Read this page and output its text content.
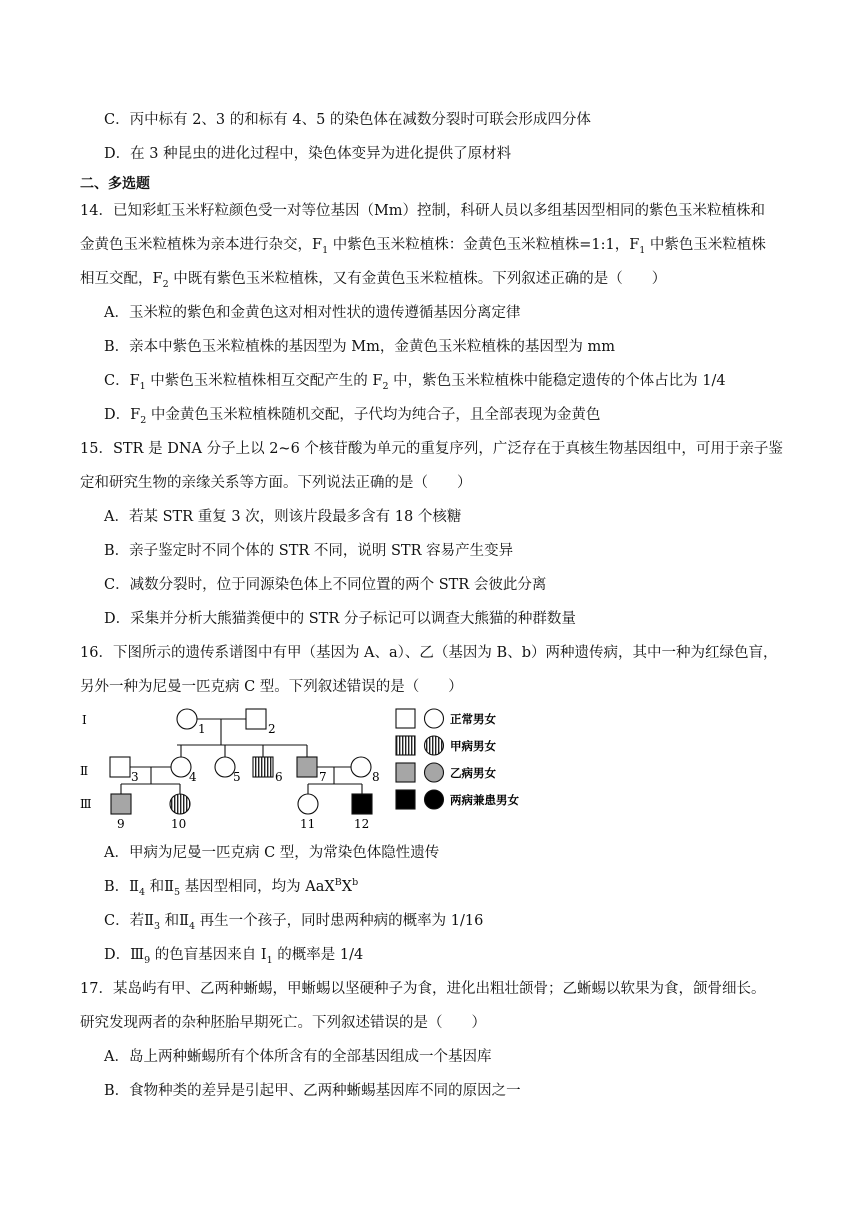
C．丙中标有 2、3 的和标有 4、5 的染色体在减数分裂时可联会形成四分体
D．在 3 种昆虫的进化过程中，染色体变异为进化提供了原材料
二、多选题
14．已知彩虹玉米籽粒颜色受一对等位基因（Mm）控制，科研人员以多组基因型相同的紫色玉米粒植株和
金黄色玉米粒植株为亲本进行杂交，$F_1$ 中紫色玉米粒植株：金黄色玉米粒植株=1:1，$F_1$ 中紫色玉米粒植株
相互交配，$F_2$ 中既有紫色玉米粒植株，又有金黄色玉米粒植株。下列叙述正确的是（　　）
A．玉米粒的紫色和金黄色这对相对性状的遗传遵循基因分离定律
B．亲本中紫色玉米粒植株的基因型为 Mm，金黄色玉米粒植株的基因型为 mm
C．$F_1$ 中紫色玉米粒植株相互交配产生的 $F_2$ 中，紫色玉米粒植株中能稳定遗传的个体占比为 1/4
D．$F_2$ 中金黄色玉米粒植株随机交配，子代均为纯合子，且全部表现为金黄色
15．STR 是 DNA 分子上以 2~6 个核苷酸为单元的重复序列，广泛存在于真核生物基因组中，可用于亲子鉴
定和研究生物的亲缘关系等方面。下列说法正确的是（　　）
A．若某 STR 重复 3 次，则该片段最多含有 18 个核糖
B．亲子鉴定时不同个体的 STR 不同，说明 STR 容易产生变异
C．减数分裂时，位于同源染色体上不同位置的两个 STR 会彼此分离
D．采集并分析大熊猫粪便中的 STR 分子标记可以调查大熊猫的种群数量
16．下图所示的遗传系谱图中有甲（基因为 A、a）、乙（基因为 B、b）两种遗传病，其中一种为红绿色盲，
另外一种为尼曼一匹克病 C 型。下列叙述错误的是（　　）
Ⅰ
Ⅱ
Ⅲ
1	2
3	4	5	6	7	8
9	10	11	12
正常男女
甲病男女
乙病男女
两病兼患男女
A．甲病为尼曼一匹克病 C 型，为常染色体隐性遗传
B．$Ⅱ_4$ 和$Ⅱ_5$ 基因型相同，均为 $AaX^BX^b$
C．若$Ⅱ_3$ 和$Ⅱ_4$ 再生一个孩子，同时患两种病的概率为 1/16
D．$Ⅲ_9$ 的色盲基因来自 $I_1$ 的概率是 1/4
17．某岛屿有甲、乙两种蜥蜴，甲蜥蜴以坚硬种子为食，进化出粗壮颌骨；乙蜥蜴以软果为食，颌骨细长。
研究发现两者的杂种胚胎早期死亡。下列叙述错误的是（　　）
A．岛上两种蜥蜴所有个体所含有的全部基因组成一个基因库
B．食物种类的差异是引起甲、乙两种蜥蜴基因库不同的原因之一
